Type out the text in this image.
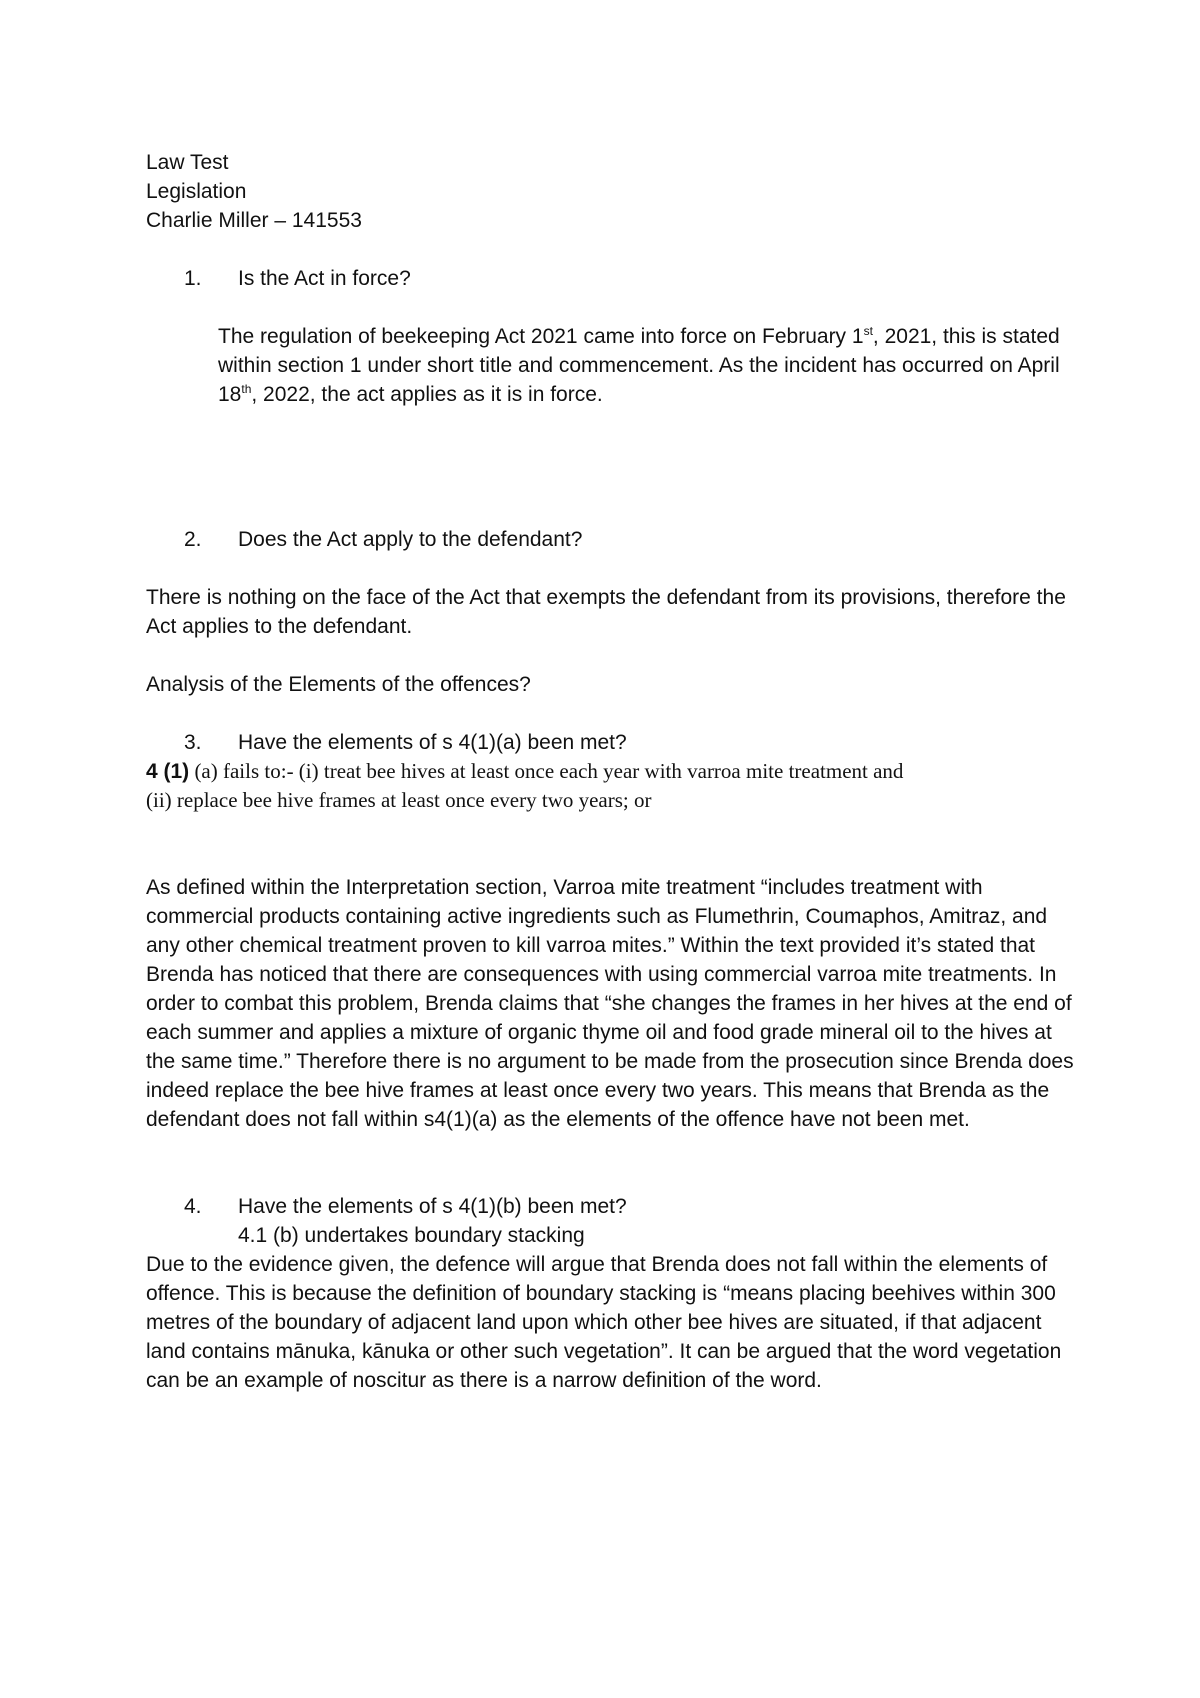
Law Test

Legislation

Charlie Miller – 141553

1.	Is the Act in force?

The regulation of beekeeping Act 2021 came into force on February 1st, 2021, this is stated within section 1 under short title and commencement. As the incident has occurred on April 18th, 2022, the act applies as it is in force.

2.	Does the Act apply to the defendant?

There is nothing on the face of the Act that exempts the defendant from its provisions, therefore the Act applies to the defendant.

Analysis of the Elements of the offences?

3.	Have the elements of s 4(1)(a) been met?

4 (1) (a) fails to:- (i) treat bee hives at least once each year with varroa mite treatment and
(ii) replace bee hive frames at least once every two years; or

As defined within the Interpretation section, Varroa mite treatment “includes treatment with commercial products containing active ingredients such as Flumethrin, Coumaphos, Amitraz, and any other chemical treatment proven to kill varroa mites.” Within the text provided it’s stated that Brenda has noticed that there are consequences with using commercial varroa mite treatments. In order to combat this problem, Brenda claims that “she changes the frames in her hives at the end of each summer and applies a mixture of organic thyme oil and food grade mineral oil to the hives at the same time.” Therefore there is no argument to be made from the prosecution since Brenda does indeed replace the bee hive frames at least once every two years. This means that Brenda as the defendant does not fall within s4(1)(a) as the elements of the offence have not been met.

4.	Have the elements of s 4(1)(b) been met?

4.1 (b) undertakes boundary stacking

Due to the evidence given, the defence will argue that Brenda does not fall within the elements of offence. This is because the definition of boundary stacking is “means placing beehives within 300 metres of the boundary of adjacent land upon which other bee hives are situated, if that adjacent land contains mānuka, kānuka or other such vegetation”. It can be argued that the word vegetation can be an example of noscitur as there is a narrow definition of the word.
